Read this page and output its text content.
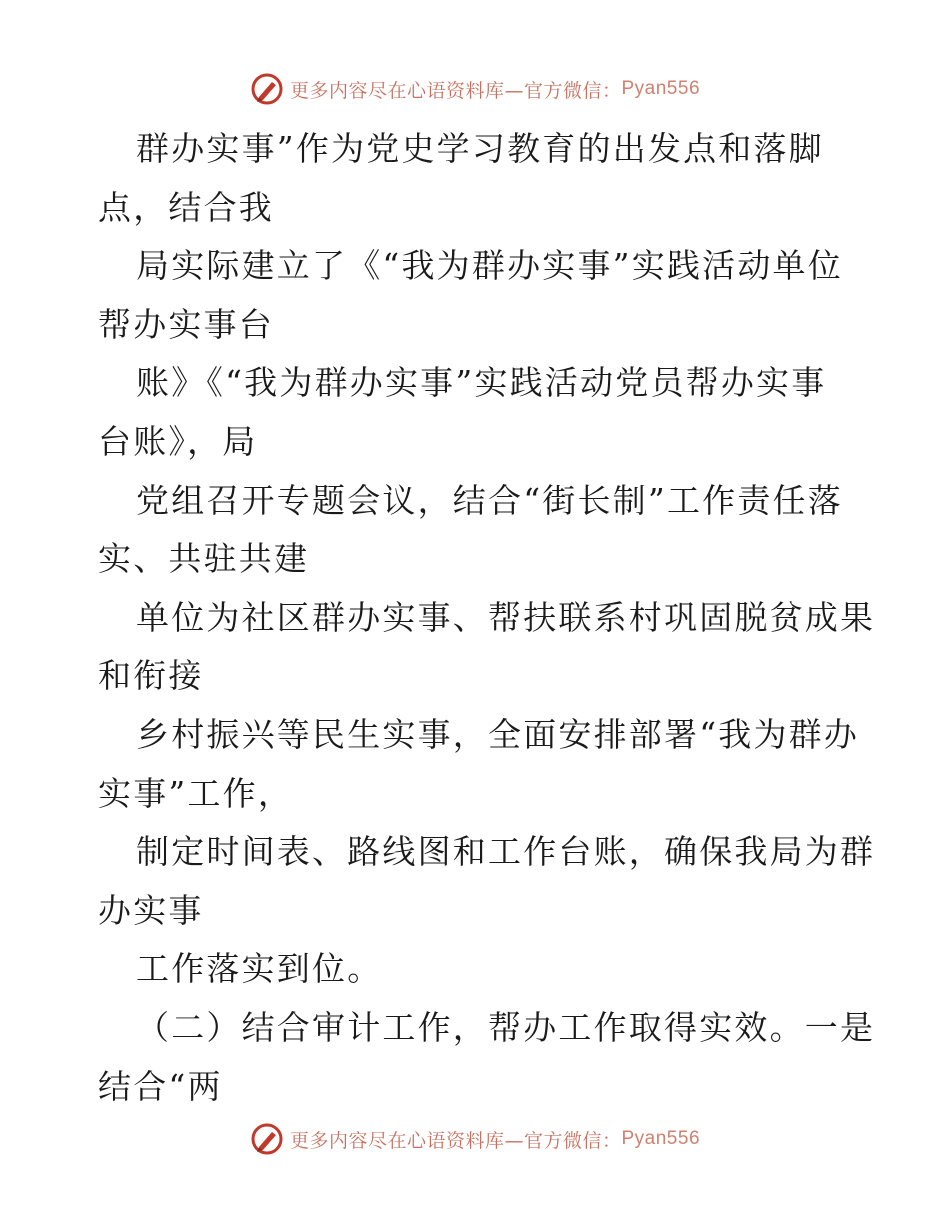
更多内容尽在心语资料库—官方微信： Pyan556
群办实事”作为党史学习教育的出发点和落脚
点，结合我
局实际建立了《“我为群办实事”实践活动单位
帮办实事台
账》《“我为群办实事”实践活动党员帮办实事
台账》，局
党组召开专题会议，结合“街长制”工作责任落
实、共驻共建
单位为社区群办实事、帮扶联系村巩固脱贫成果
和衔接
乡村振兴等民生实事，全面安排部署“我为群办
实事”工作，
制定时间表、路线图和工作台账，确保我局为群
办实事
工作落实到位。
（二）结合审计工作，帮办工作取得实效。一是
结合“两
更多内容尽在心语资料库—官方微信： Pyan556
